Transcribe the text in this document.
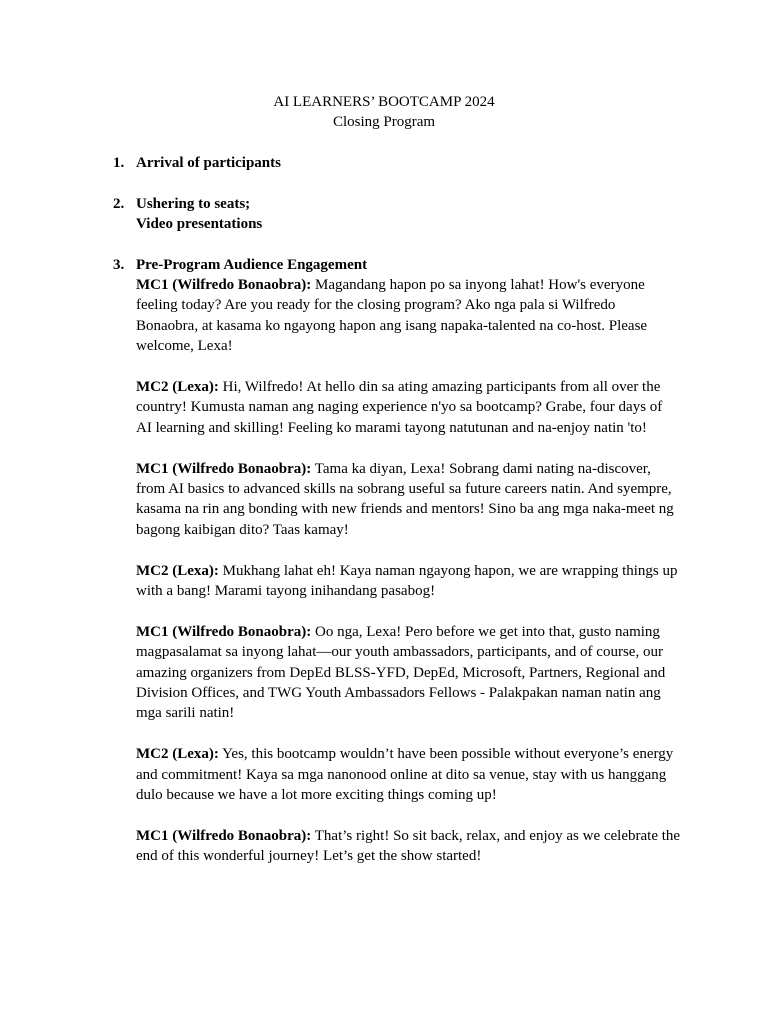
AI LEARNERS’ BOOTCAMP 2024
Closing Program
1. Arrival of participants
2. Ushering to seats;
Video presentations
3. Pre-Program Audience Engagement
MC1 (Wilfredo Bonaobra): Magandang hapon po sa inyong lahat! How's everyone feeling today? Are you ready for the closing program? Ako nga pala si Wilfredo Bonaobra, at kasama ko ngayong hapon ang isang napaka-talented na co-host. Please welcome, Lexa!
MC2 (Lexa): Hi, Wilfredo! At hello din sa ating amazing participants from all over the country! Kumusta naman ang naging experience n'yo sa bootcamp? Grabe, four days of AI learning and skilling! Feeling ko marami tayong natutunan and na-enjoy natin 'to!
MC1 (Wilfredo Bonaobra): Tama ka diyan, Lexa! Sobrang dami nating na-discover, from AI basics to advanced skills na sobrang useful sa future careers natin. And syempre, kasama na rin ang bonding with new friends and mentors! Sino ba ang mga naka-meet ng bagong kaibigan dito? Taas kamay!
MC2 (Lexa): Mukhang lahat eh! Kaya naman ngayong hapon, we are wrapping things up with a bang! Marami tayong inihandang pasabog!
MC1 (Wilfredo Bonaobra): Oo nga, Lexa! Pero before we get into that, gusto naming magpasalamat sa inyong lahat—our youth ambassadors, participants, and of course, our amazing organizers from DepEd BLSS-YFD, DepEd, Microsoft, Partners, Regional and Division Offices, and TWG Youth Ambassadors Fellows - Palakpakan naman natin ang mga sarili natin!
MC2 (Lexa): Yes, this bootcamp wouldn’t have been possible without everyone’s energy and commitment! Kaya sa mga nanonood online at dito sa venue, stay with us hanggang dulo because we have a lot more exciting things coming up!
MC1 (Wilfredo Bonaobra): That’s right! So sit back, relax, and enjoy as we celebrate the end of this wonderful journey! Let’s get the show started!
